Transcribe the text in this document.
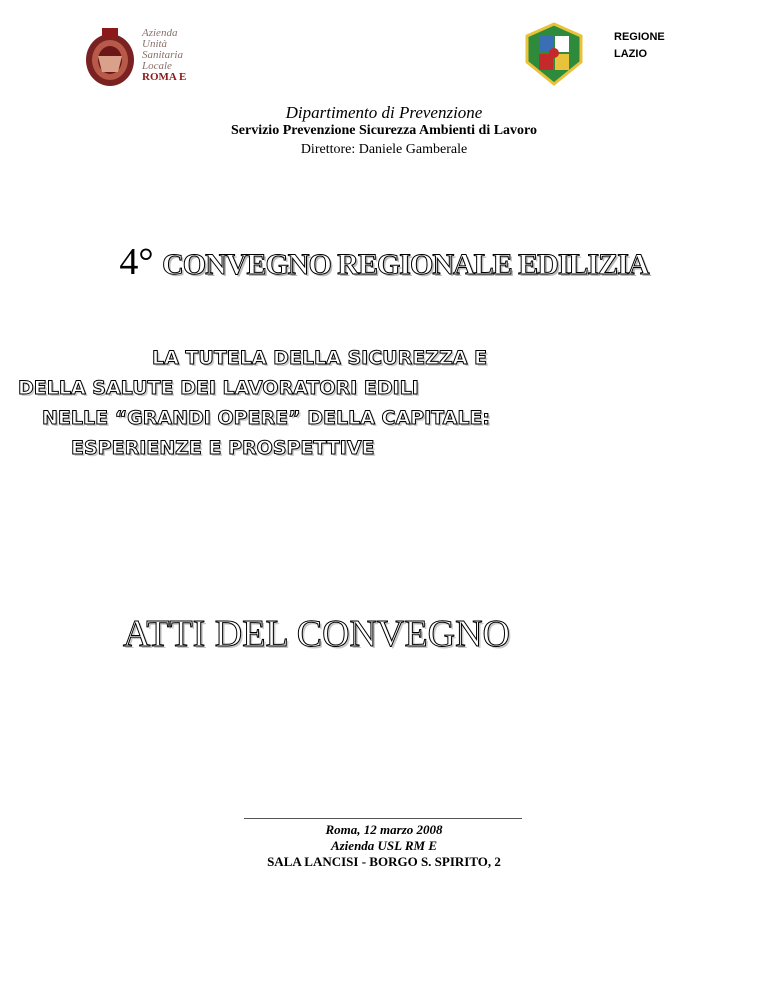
Azienda
Unità
Sanitaria
Locale
ROMA E
REGIONE
LAZIO
Dipartimento di Prevenzione
Servizio Prevenzione Sicurezza Ambienti di Lavoro
Direttore: Daniele Gamberale
4° CONVEGNO REGIONALE EDILIZIA
LA TUTELA DELLA SICUREZZA E
DELLA SALUTE DEI LAVORATORI EDILI
NELLE “GRANDI OPERE” DELLA CAPITALE:
ESPERIENZE E PROSPETTIVE
ATTI DEL CONVEGNO
Roma, 12 marzo 2008
Azienda USL RM E
SALA LANCISI - BORGO S. SPIRITO, 2
